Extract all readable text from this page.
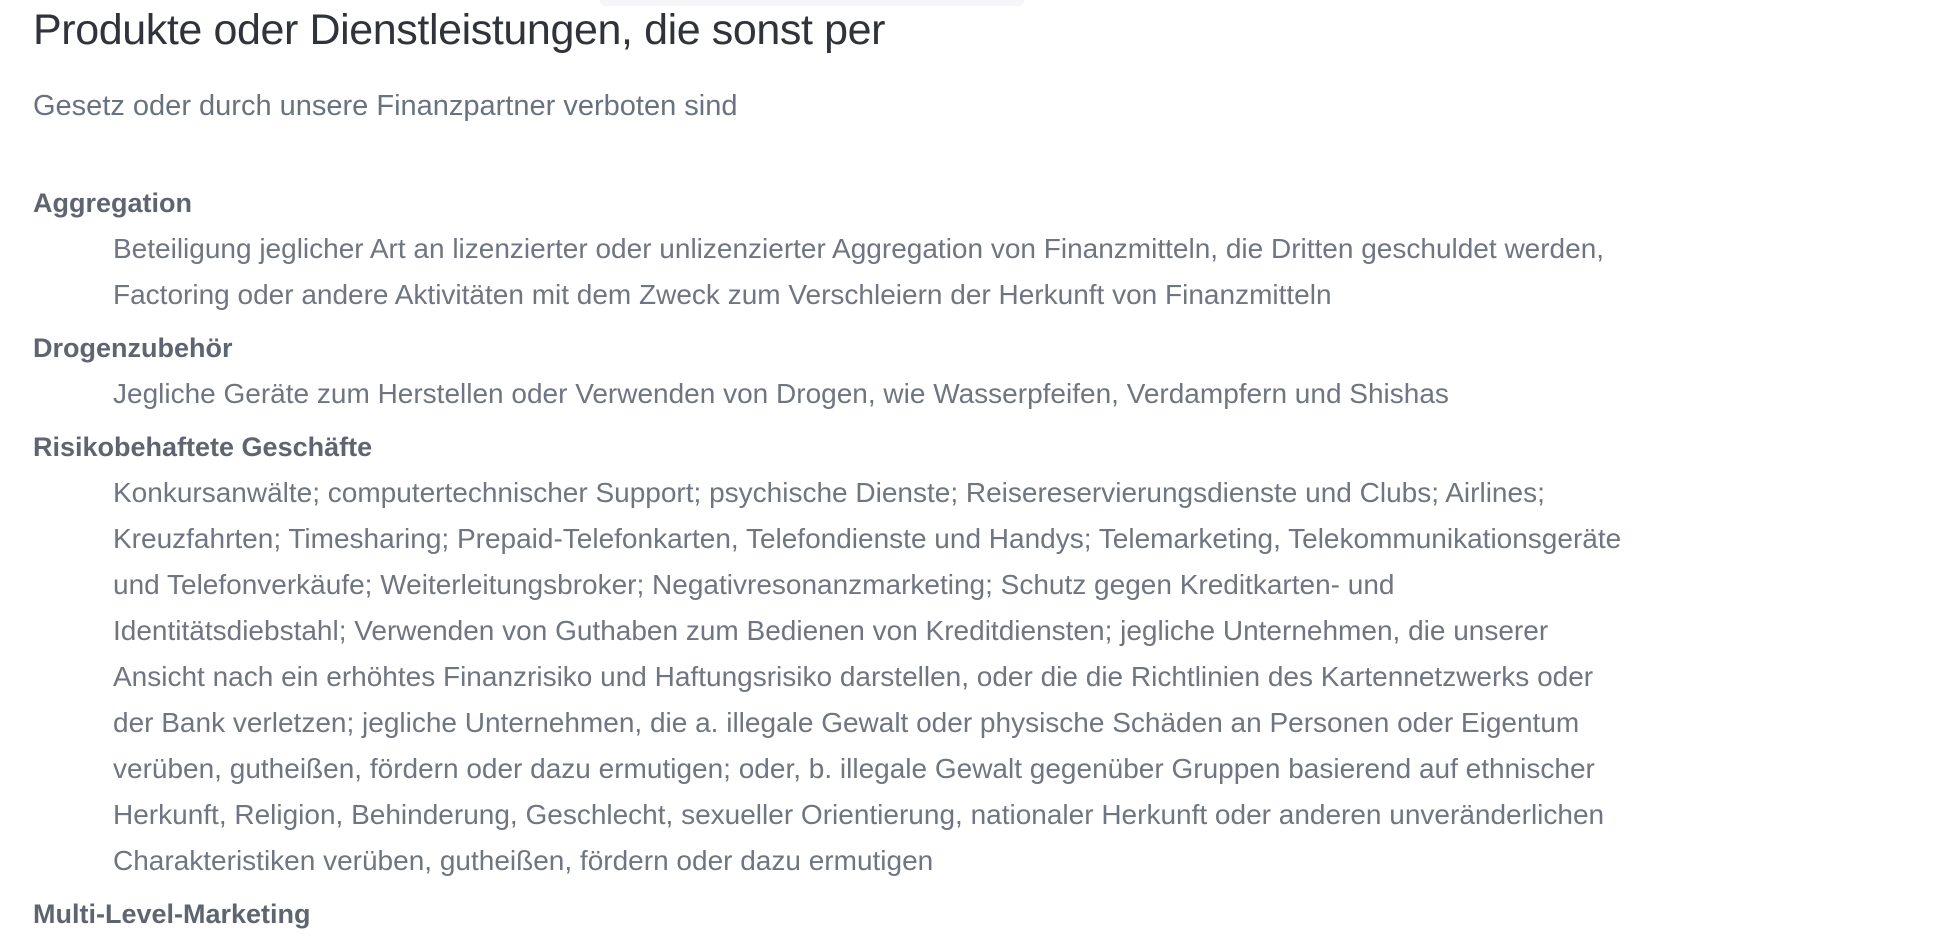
Produkte oder Dienstleistungen, die sonst per

Gesetz oder durch unsere Finanzpartner verboten sind

Aggregation
Beteiligung jeglicher Art an lizenzierter oder unlizenzierter Aggregation von Finanzmitteln, die Dritten geschuldet werden,
Factoring oder andere Aktivitäten mit dem Zweck zum Verschleiern der Herkunft von Finanzmitteln
Drogenzubehör
Jegliche Geräte zum Herstellen oder Verwenden von Drogen, wie Wasserpfeifen, Verdampfern und Shishas
Risikobehaftete Geschäfte
Konkursanwälte; computertechnischer Support; psychische Dienste; Reisereservierungsdienste und Clubs; Airlines;
Kreuzfahrten; Timesharing; Prepaid-Telefonkarten, Telefondienste und Handys; Telemarketing, Telekommunikationsgeräte
und Telefonverkäufe; Weiterleitungsbroker; Negativresonanzmarketing; Schutz gegen Kreditkarten- und
Identitätsdiebstahl; Verwenden von Guthaben zum Bedienen von Kreditdiensten; jegliche Unternehmen, die unserer
Ansicht nach ein erhöhtes Finanzrisiko und Haftungsrisiko darstellen, oder die die Richtlinien des Kartennetzwerks oder
der Bank verletzen; jegliche Unternehmen, die a. illegale Gewalt oder physische Schäden an Personen oder Eigentum
verüben, gutheißen, fördern oder dazu ermutigen; oder, b. illegale Gewalt gegenüber Gruppen basierend auf ethnischer
Herkunft, Religion, Behinderung, Geschlecht, sexueller Orientierung, nationaler Herkunft oder anderen unveränderlichen
Charakteristiken verüben, gutheißen, fördern oder dazu ermutigen
Multi-Level-Marketing
